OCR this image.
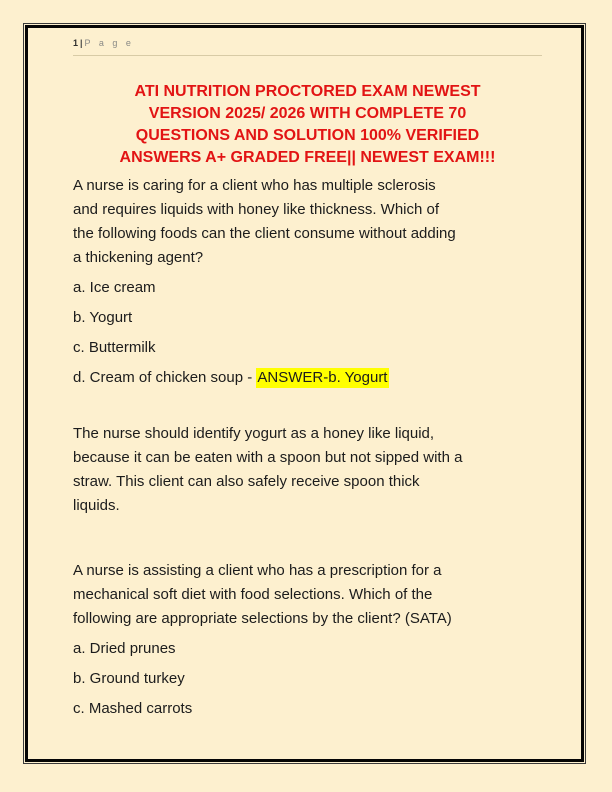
1 | P a g e
ATI NUTRITION PROCTORED EXAM NEWEST
VERSION 2025/ 2026 WITH COMPLETE 70
QUESTIONS AND SOLUTION 100% VERIFIED
ANSWERS A+ GRADED FREE|| NEWEST EXAM!!!
A nurse is caring for a client who has multiple sclerosis
and requires liquids with honey like thickness. Which of
the following foods can the client consume without adding
a thickening agent?
a. Ice cream
b. Yogurt
c. Buttermilk
d. Cream of chicken soup - ANSWER-b. Yogurt
The nurse should identify yogurt as a honey like liquid,
because it can be eaten with a spoon but not sipped with a
straw. This client can also safely receive spoon thick
liquids.
A nurse is assisting a client who has a prescription for a
mechanical soft diet with food selections. Which of the
following are appropriate selections by the client? (SATA)
a. Dried prunes
b. Ground turkey
c. Mashed carrots
